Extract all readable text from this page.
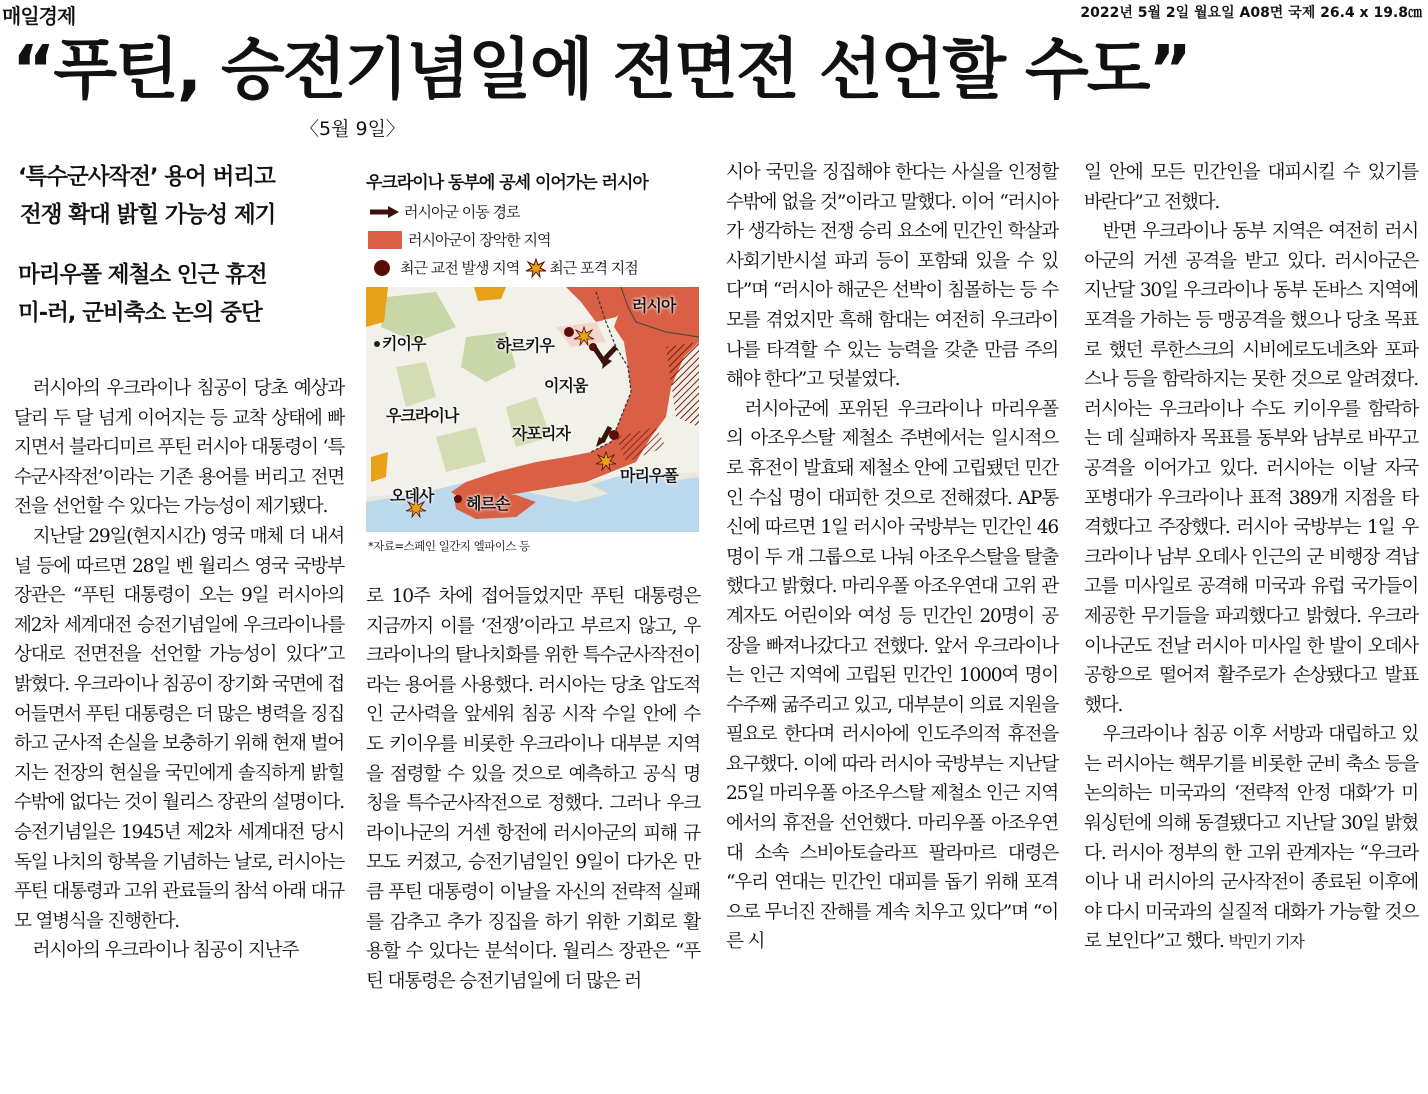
매일경제	2022년 5월 2일 월요일 A08면 국제 26.4 x 19.8㎝
“푸틴, 승전기념일에 전면전 선언할 수도”
〈5월 9일〉
‘특수군사작전’ 용어 버리고
전쟁 확대 밝힐 가능성 제기
마리우폴 제철소 인근 휴전
미-러, 군비축소 논의 중단

러시아의 우크라이나 침공이 당초 예상과 달리 두 달 넘게 이어지는 등 교착 상태에 빠지면서 블라디미르 푸틴 러시아 대통령이 ‘특수군사작전’이라는 기존 용어를 버리고 전면전을 선언할 수 있다는 가능성이 제기됐다.

지난달 29일(현지시간) 영국 매체 더 내셔널 등에 따르면 28일 벤 월리스 영국 국방부 장관은 “푸틴 대통령이 오는 9일 러시아의 제2차 세계대전 승전기념일에 우크라이나를 상대로 전면전을 선언할 가능성이 있다”고 밝혔다. 우크라이나 침공이 장기화 국면에 접어들면서 푸틴 대통령은 더 많은 병력을 징집하고 군사적 손실을 보충하기 위해 현재 벌어지는 전장의 현실을 국민에게 솔직하게 밝힐 수밖에 없다는 것이 월리스 장관의 설명이다. 승전기념일은 1945년 제2차 세계대전 당시 독일 나치의 항복을 기념하는 날로, 러시아는 푸틴 대통령과 고위 관료들의 참석 아래 대규모 열병식을 진행한다.

러시아의 우크라이나 침공이 지난주

우크라이나 동부에 공세 이어가는 러시아
러시아군 이동 경로
러시아군이 장악한 지역
최근 교전 발생 지역 최근 포격 지점
러시아
키이우	하르키우
이지움
우크라이나
자포리자
마리우폴
오데사 헤르손
*자료=스페인 일간지 엘파이스 등

로 10주 차에 접어들었지만 푸틴 대통령은 지금까지 이를 ‘전쟁’이라고 부르지 않고, 우크라이나의 탈나치화를 위한 특수군사작전이라는 용어를 사용했다. 러시아는 당초 압도적인 군사력을 앞세워 침공 시작 수일 안에 수도 키이우를 비롯한 우크라이나 대부분 지역을 점령할 수 있을 것으로 예측하고 공식 명칭을 특수군사작전으로 정했다. 그러나 우크라이나군의 거센 항전에 러시아군의 피해 규모도 커졌고, 승전기념일인 9일이 다가온 만큼 푸틴 대통령이 이날을 자신의 전략적 실패를 감추고 추가 징집을 하기 위한 기회로 활용할 수 있다는 분석이다. 월리스 장관은 “푸틴 대통령은 승전기념일에 더 많은 러

시아 국민을 징집해야 한다는 사실을 인정할 수밖에 없을 것”이라고 말했다. 이어 “러시아가 생각하는 전쟁 승리 요소에 민간인 학살과 사회기반시설 파괴 등이 포함돼 있을 수 있다”며 “러시아 해군은 선박이 침몰하는 등 수모를 겪었지만 흑해 함대는 여전히 우크라이나를 타격할 수 있는 능력을 갖춘 만큼 주의해야 한다”고 덧붙였다.

러시아군에 포위된 우크라이나 마리우폴의 아조우스탈 제철소 주변에서는 일시적으로 휴전이 발효돼 제철소 안에 고립됐던 민간인 수십 명이 대피한 것으로 전해졌다. AP통신에 따르면 1일 러시아 국방부는 민간인 46명이 두 개 그룹으로 나눠 아조우스탈을 탈출했다고 밝혔다. 마리우폴 아조우연대 고위 관계자도 어린이와 여성 등 민간인 20명이 공장을 빠져나갔다고 전했다. 앞서 우크라이나는 인근 지역에 고립된 민간인 1000여 명이 수주째 굶주리고 있고, 대부분이 의료 지원을 필요로 한다며 러시아에 인도주의적 휴전을 요구했다. 이에 따라 러시아 국방부는 지난달 25일 마리우폴 아조우스탈 제철소 인근 지역에서의 휴전을 선언했다. 마리우폴 아조우연대 소속 스비아토슬라프 팔라마르 대령은 “우리 연대는 민간인 대피를 돕기 위해 포격으로 무너진 잔해를 계속 치우고 있다”며 “이른 시

일 안에 모든 민간인을 대피시킬 수 있기를 바란다”고 전했다.

반면 우크라이나 동부 지역은 여전히 러시아군의 거센 공격을 받고 있다. 러시아군은 지난달 30일 우크라이나 동부 돈바스 지역에 포격을 가하는 등 맹공격을 했으나 당초 목표로 했던 루한스크의 시비에로도네츠와 포파스나 등을 함락하지는 못한 것으로 알려졌다. 러시아는 우크라이나 수도 키이우를 함락하는 데 실패하자 목표를 동부와 남부로 바꾸고 공격을 이어가고 있다. 러시아는 이날 자국 포병대가 우크라이나 표적 389개 지점을 타격했다고 주장했다. 러시아 국방부는 1일 우크라이나 남부 오데사 인근의 군 비행장 격납고를 미사일로 공격해 미국과 유럽 국가들이 제공한 무기들을 파괴했다고 밝혔다. 우크라이나군도 전날 러시아 미사일 한 발이 오데사 공항으로 떨어져 활주로가 손상됐다고 발표했다.

우크라이나 침공 이후 서방과 대립하고 있는 러시아는 핵무기를 비롯한 군비 축소 등을 논의하는 미국과의 ‘전략적 안정 대화’가 미 워싱턴에 의해 동결됐다고 지난달 30일 밝혔다. 러시아 정부의 한 고위 관계자는 “우크라이나 내 러시아의 군사작전이 종료된 이후에야 다시 미국과의 실질적 대화가 가능할 것으로 보인다”고 했다. 박민기 기자
